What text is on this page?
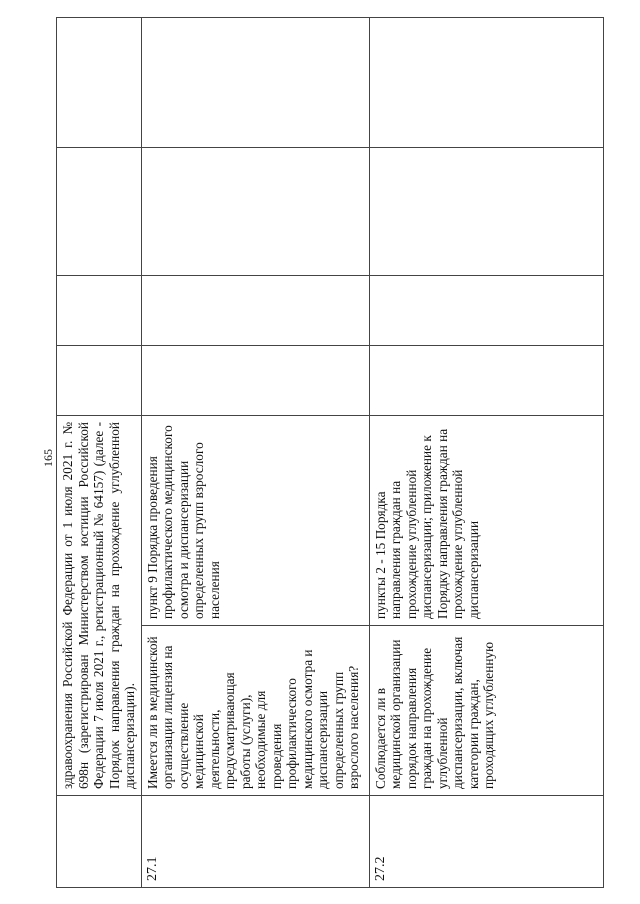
165
	здравоохранения Российской Федерации от 1 июля 2021 г. № 698н (зарегистрирован Министерством юстиции Российской Федерации 7 июля 2021 г., регистрационный № 64157) (далее - Порядок направления граждан на прохождение углубленной диспансеризации).					
27.1	Имеется ли в медицинской организации лицензия на осуществление медицинской деятельности, предусматривающая работы (услуги), необходимые для проведения профилактического медицинского осмотра и диспансеризации определенных групп взрослого населения?	пункт 9 Порядка проведения профилактического медицинского осмотра и диспансеризации определенных групп взрослого населения				
27.2	Соблюдается ли в медицинской организации порядок направления граждан на прохождение углубленной диспансеризации, включая категории граждан, проходящих углубленную	пункты 2 - 15 Порядка направления граждан на прохождение углубленной диспансеризации; приложение к Порядку направления граждан на прохождение углубленной диспансеризации				
